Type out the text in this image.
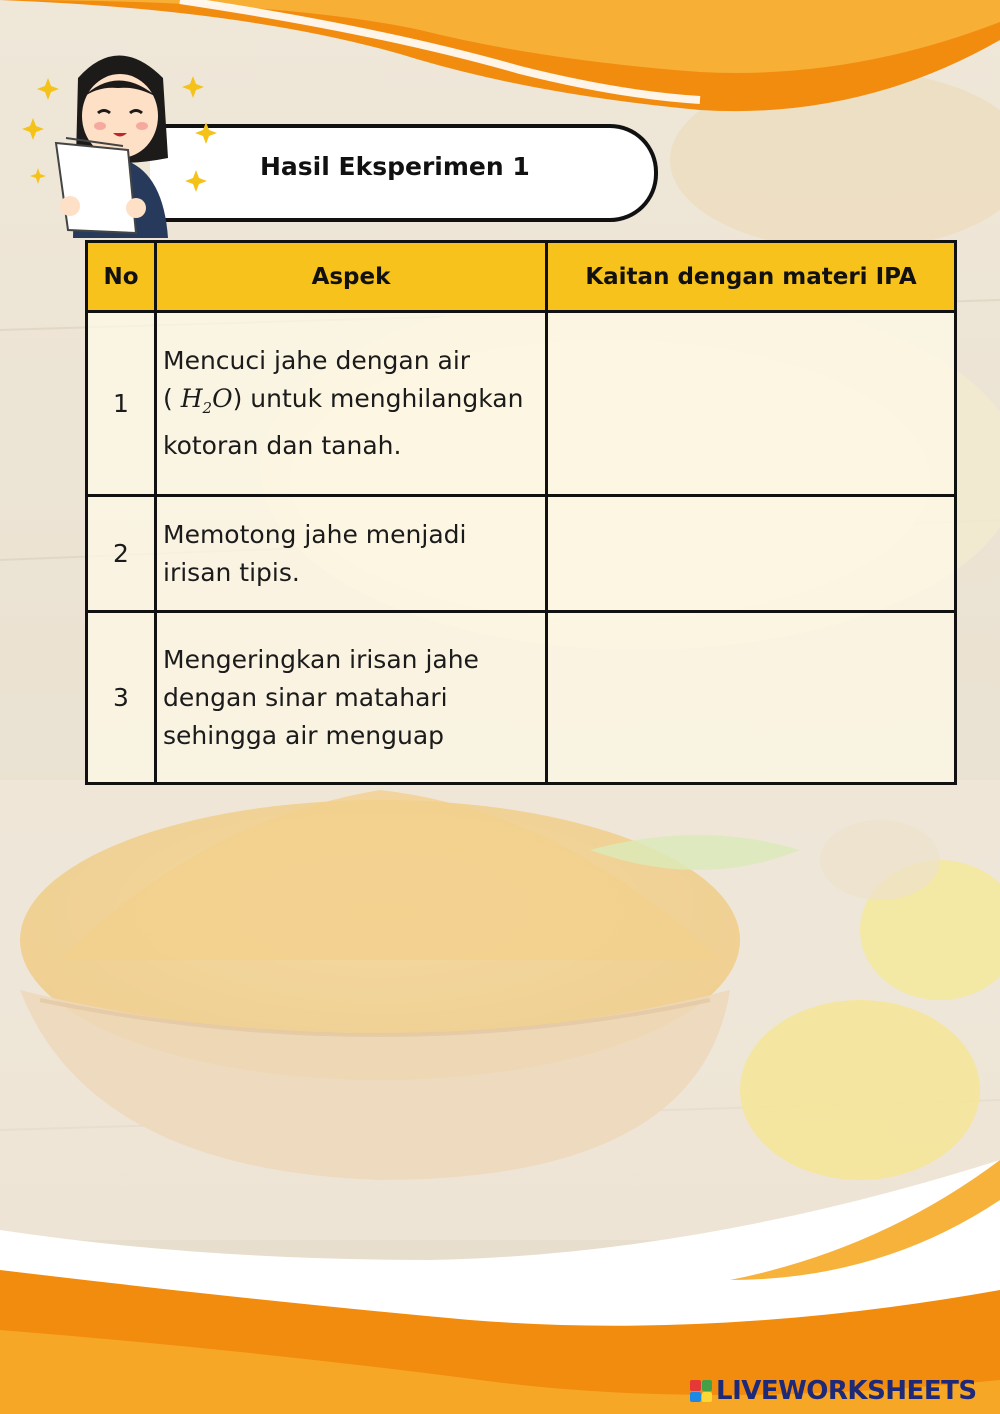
Hasil Eksperimen 1
No	Aspek	Kaitan dengan materi IPA
1	Mencuci jahe dengan air
( $H_2O$) untuk menghilangkan
kotoran dan tanah.	

2	Memotong jahe menjadi
irisan tipis.	

3	Mengeringkan irisan jahe
dengan sinar matahari
sehingga air menguap	

LIVEWORKSHEETS
